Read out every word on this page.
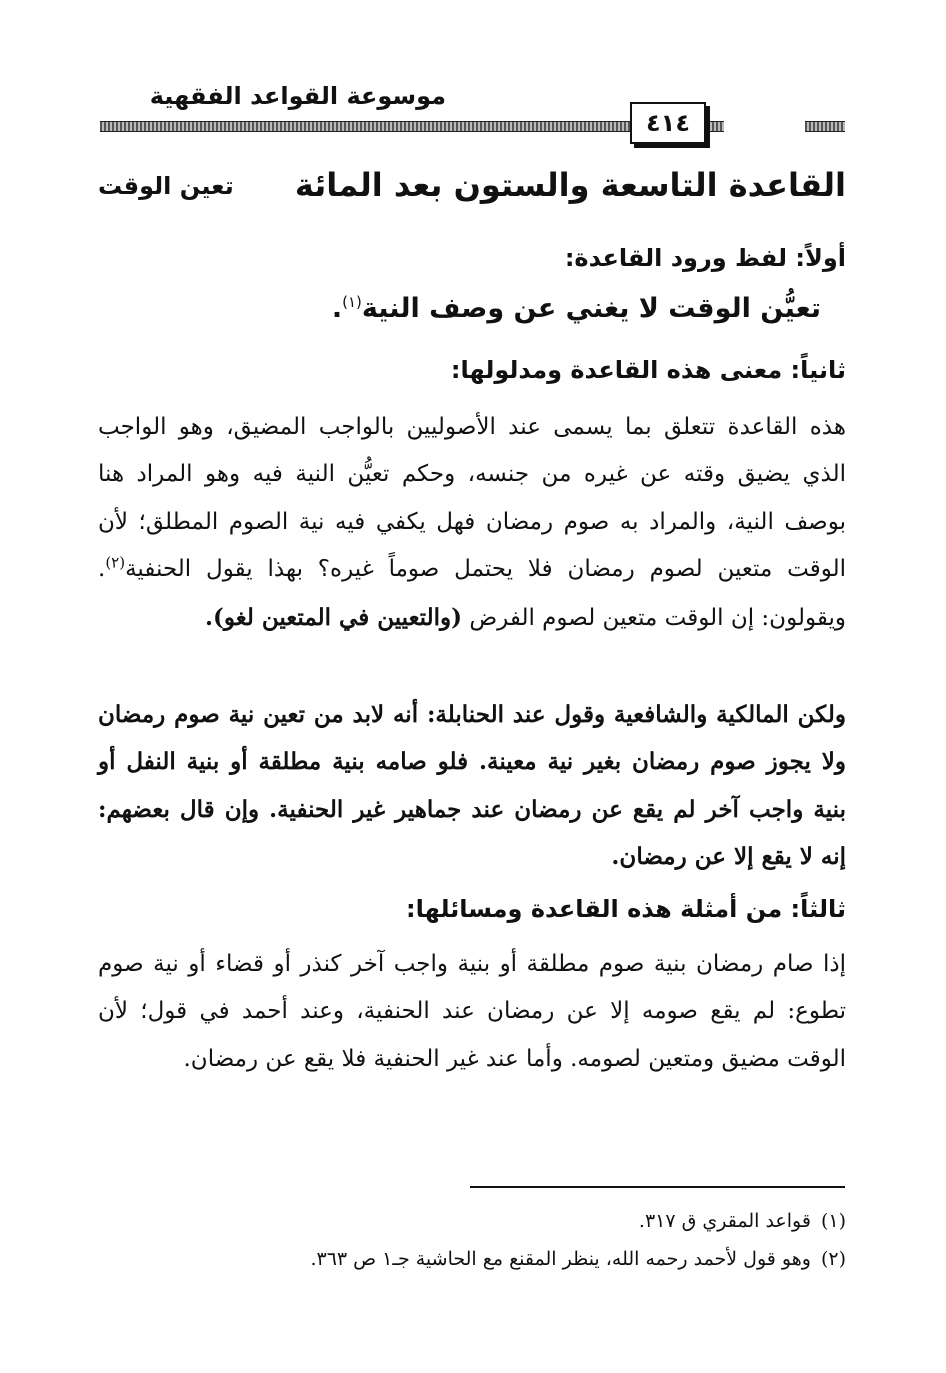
موسوعة القواعد الفقهية
٤١٤
القاعدة التاسعة والستون بعد المائة
تعين الوقت
أولاً: لفظ ورود القاعدة:
تعيُّن الوقت لا يغني عن وصف النية$^{(١)}$.
ثانياً: معنى هذه القاعدة ومدلولها:
هذه القاعدة تتعلق بما يسمى عند الأصوليين بالواجب المضيق، وهو الواجب الذي يضيق وقته عن غيره من جنسه، وحكم تعيُّن النية فيه وهو المراد هنا بوصف النية، والمراد به صوم رمضان فهل يكفي فيه نية الصوم المطلق؛ لأن الوقت متعين لصوم رمضان فلا يحتمل صوماً غيره؟ بهذا يقول الحنفية$^{(٢)}$. ويقولون: إن الوقت متعين لصوم الفرض (والتعيين في المتعين لغو).
ولكن المالكية والشافعية وقول عند الحنابلة: أنه لابد من تعين نية صوم رمضان ولا يجوز صوم رمضان بغير نية معينة. فلو صامه بنية مطلقة أو بنية النفل أو بنية واجب آخر لم يقع عن رمضان عند جماهير غير الحنفية. وإن قال بعضهم: إنه لا يقع إلا عن رمضان.
ثالثاً: من أمثلة هذه القاعدة ومسائلها:
إذا صام رمضان بنية صوم مطلقة أو بنية واجب آخر كنذر أو قضاء أو نية صوم تطوع: لم يقع صومه إلا عن رمضان عند الحنفية، وعند أحمد في قول؛ لأن الوقت مضيق ومتعين لصومه. وأما عند غير الحنفية فلا يقع عن رمضان.
(١)قواعد المقري ق ٣١٧.
(٢)وهو قول لأحمد رحمه الله، ينظر المقنع مع الحاشية جـ١ ص ٣٦٣.
